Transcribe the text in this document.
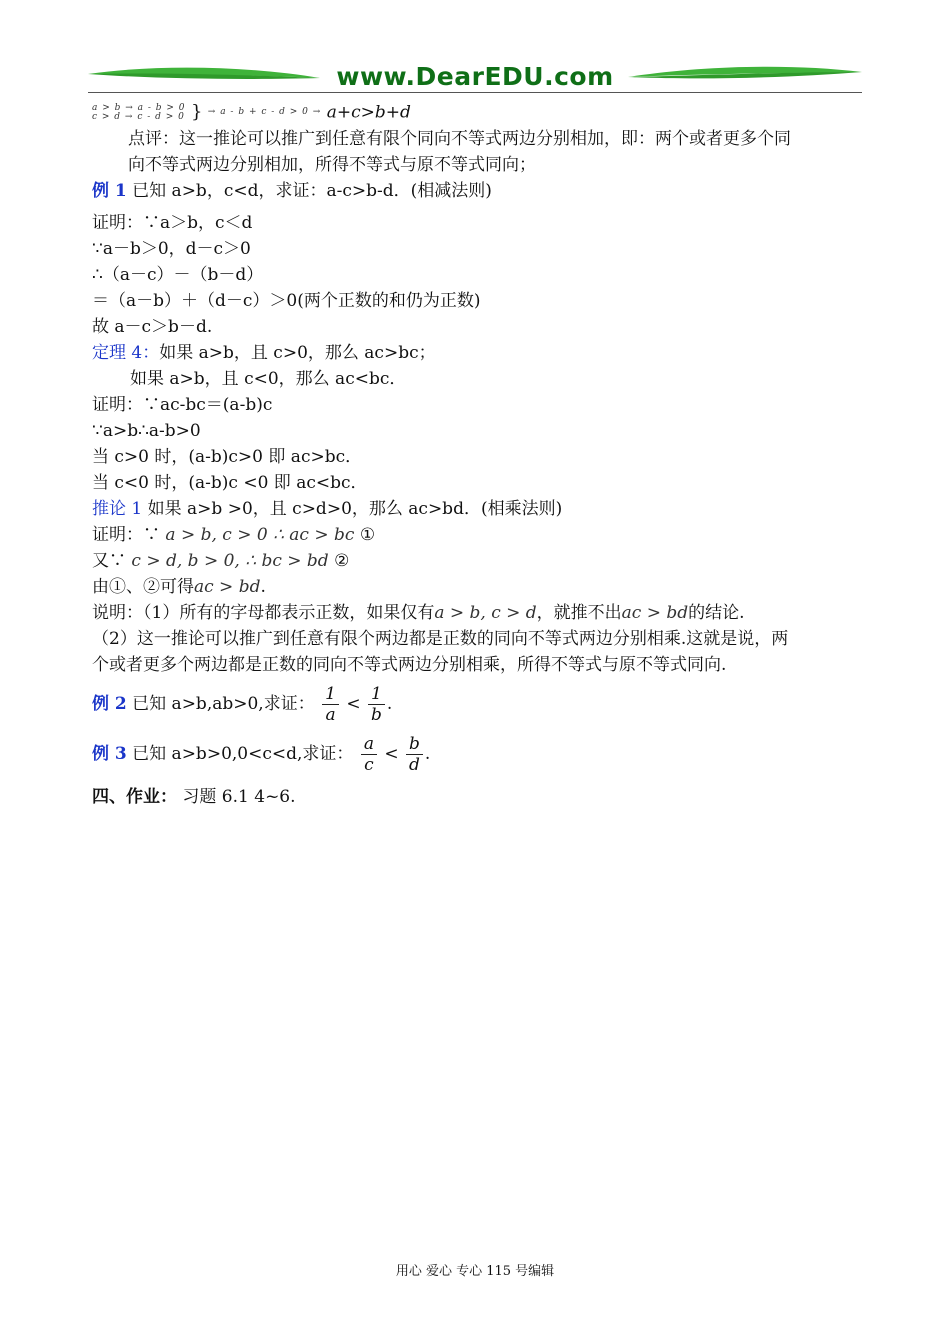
www.DearEDU.com
a > b → a - b > 0
c > d → c - d > 0 } → a - b + c - d > 0 → a+c>b+d
点评：这一推论可以推广到任意有限个同向不等式两边分别相加，即：两个或者更多个同
向不等式两边分别相加，所得不等式与原不等式同向；
例 1 已知 a>b，c<d，求证：a-c>b-d．(相减法则)
证明：∵a＞b，c＜d
∵a－b＞0，d－c＞0
∴（a－c）－（b－d）
＝（a－b）＋（d－c）＞0(两个正数的和仍为正数)
故 a－c＞b－d.
定理 4：如果 a>b，且 c>0，那么 ac>bc；
如果 a>b，且 c<0，那么 ac<bc．
证明：∵ac-bc＝(a-b)c
∵a>b∴a-b>0
当 c>0 时，(a-b)c>0 即 ac>bc．
当 c<0 时，(a-b)c <0 即 ac<bc．
推论 1 如果 a>b >0，且 c>d>0，那么 ac>bd．(相乘法则)
证明：∵ a > b, c > 0 ∴ ac > bc ①
又∵ c > d, b > 0, ∴ bc > bd ②
由①、②可得ac > bd.
说明：（1）所有的字母都表示正数，如果仅有a > b, c > d，就推不出ac > bd的结论.
（2）这一推论可以推广到任意有限个两边都是正数的同向不等式两边分别相乘.这就是说，两
个或者更多个两边都是正数的同向不等式两边分别相乘，所得不等式与原不等式同向.
例 2 已知 a>b,ab>0,求证： $\frac{1}{a} < \frac{1}{b}$ .
例 3 已知 a>b>0,0<c<d,求证： $\frac{a}{c} < \frac{b}{d}$ .
四、作业： 习题 6.1 4~6.
用心 爱心 专心 115 号编辑
